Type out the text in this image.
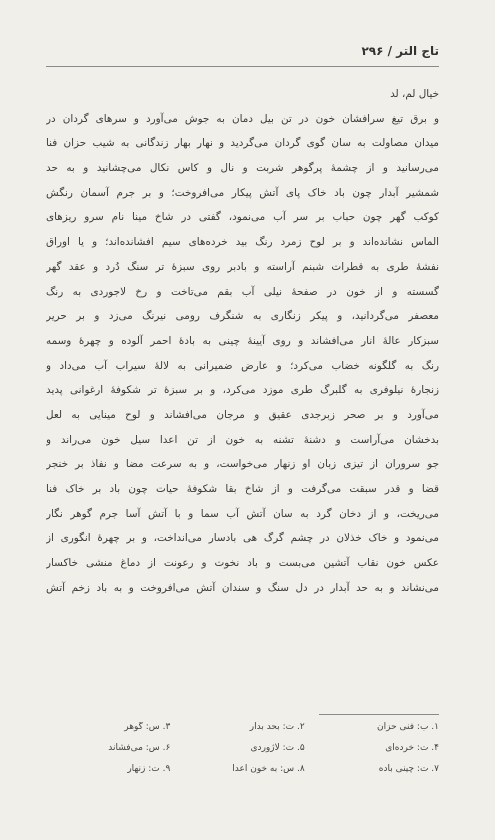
تاج التر / ۲۹۶
خیال لم، لد
و برق تیغ سرافشان خون در تن بیل دمان به جوش می‌آورد و سرهای گردان در
میدان مصاولت به سان گوی گردان می‌گردید و نهار بهار زندگانی به شیب حزان فنا
می‌رسانید و از چشمهٔ پرگوهر شربت و نال و کاس نکال می‌چشانید و به حد
شمشیر آبدار چون باد خاک پای آتش پیکار می‌افروخت؛ و بر جرم آسمان رنگش
کوکب گهر چون حباب بر سر آب می‌نمود، گفتی در شاخ مینا نام سرو ریزهای
الماس نشانده‌اند و بر لوح زمرد رنگ بید خرده‌های سیم افشانده‌اند؛ و یا اوراق
نفشهٔ طری به قطرات شبنم آراسته و بادبر روی سبزهٔ تر سنگ دُرد و عقد گهر
گسسته و از خون در صفحهٔ نیلی آب بقم می‌تاخت و رخ لاجوردی به رنگ
معصفر می‌گردانید، و پیکر زنگاری به شنگرف رومی نیرنگ می‌زد و بر حریر
سبزکار عالهٔ انار می‌افشاند و روی آیینهٔ چینی به بادهٔ احمر آلوده و چهرهٔ وسمه
رنگ به گلگونه خضاب می‌کرد؛ و عارض ضمیرانی به لالهٔ سیراب آب می‌داد و
زنجارهٔ نیلوفری به گلبرگ طری موزد می‌کرد، و بر سبزهٔ تر شکوفهٔ ارغوانی پدید
می‌آورد و بر صحر زبرجدی عقیق و مرجان می‌افشاند و لوح مینایی به لعل
بدخشان می‌آراست و دشنهٔ تشنه به خون از تن اعدا سیل خون می‌راند و
جو سروران از تیزی زبان او زنهار می‌خواست، و به سرعت مضا و نفاذ بر خنجر
قضا و قدر سبقت می‌گرفت و از شاخ بقا شکوفهٔ حیات چون باد بر خاک فنا
می‌ریخت، و از دخان گرد به سان آتش آب سما و با آتش آسا جرم گوهر نگار
می‌نمود و خاک خذلان در چشم گرگ هی بادسار می‌انداخت، و بر چهرهٔ انگوری از
عکس خون نقاب آتشین می‌بست و باد نخوت و رعونت از دماغ منشی خاکسار
می‌نشاند و به حد آبدار در دل سنگ و سندان آتش می‌افروخت و به باد زخم آتش
۱. ب: فنی حزان
۲. ت: بحد بدار
۳. س: گوهر
۴. ت: خرده‌ای
۵. ت: لاژوردی
۶. س: می‌فشاند
۷. ت: چینی باده
۸. س: به خون اعدا
۹. ت: زنهار
